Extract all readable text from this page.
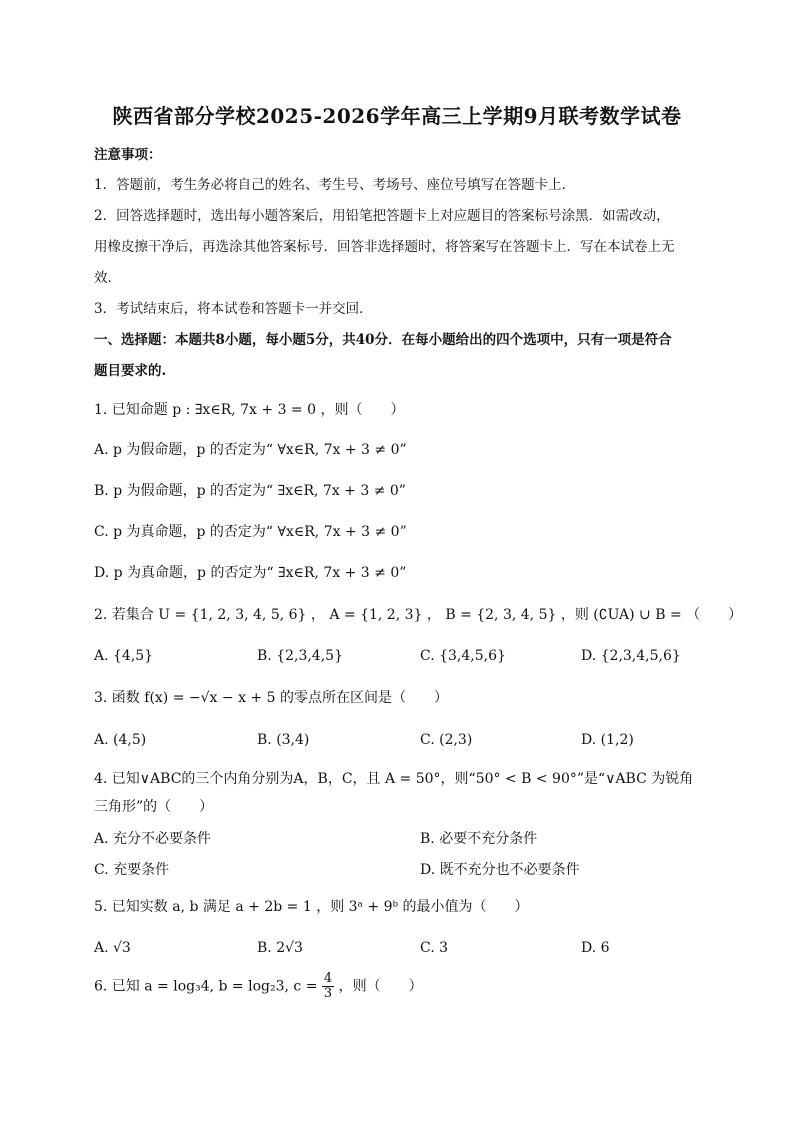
陕西省部分学校2025-2026学年高三上学期9月联考数学试卷
注意事项：
1．答题前，考生务必将自己的姓名、考生号、考场号、座位号填写在答题卡上．
2．回答选择题时，选出每小题答案后，用铅笔把答题卡上对应题目的答案标号涂黑．如需改动，
用橡皮擦干净后，再选涂其他答案标号．回答非选择题时，将答案写在答题卡上．写在本试卷上无
效．
3．考试结束后，将本试卷和答题卡一并交回．
一、选择题：本题共8小题，每小题5分，共40分．在每小题给出的四个选项中，只有一项是符合
题目要求的.
1. 已知命题 p : ∃x∈R, 7x + 3 = 0 ，则（　　）
A. p 为假命题，p 的否定为“ ∀x∈R, 7x + 3 ≠ 0”
B. p 为假命题，p 的否定为“ ∃x∈R, 7x + 3 ≠ 0”
C. p 为真命题，p 的否定为“ ∀x∈R, 7x + 3 ≠ 0”
D. p 为真命题，p 的否定为“ ∃x∈R, 7x + 3 ≠ 0”
2. 若集合 U = {1, 2, 3, 4, 5, 6} ， A = {1, 2, 3} ， B = {2, 3, 4, 5} ，则 (∁UA) ∪ B = （　　）
A. {4,5}	B. {2,3,4,5}	C. {3,4,5,6}	D. {2,3,4,5,6}
3. 函数 f(x) = −√x − x + 5 的零点所在区间是（　　）
A. (4,5)	B. (3,4)	C. (2,3)	D. (1,2)
4. 已知∨ABC的三个内角分别为A，B，C，且 A = 50°，则“50° < B < 90°”是“∨ABC 为锐角
三角形”的（　　）
A. 充分不必要条件	B. 必要不充分条件
C. 充要条件	D. 既不充分也不必要条件
5. 已知实数 a, b 满足 a + 2b = 1 ，则 3ᵃ + 9ᵇ 的最小值为（　　）
A. √3	B. 2√3	C. 3	D. 6
6. 已知 a = log₃4, b = log₂3, $c = \frac{4}{3}$ ，则（　　）
